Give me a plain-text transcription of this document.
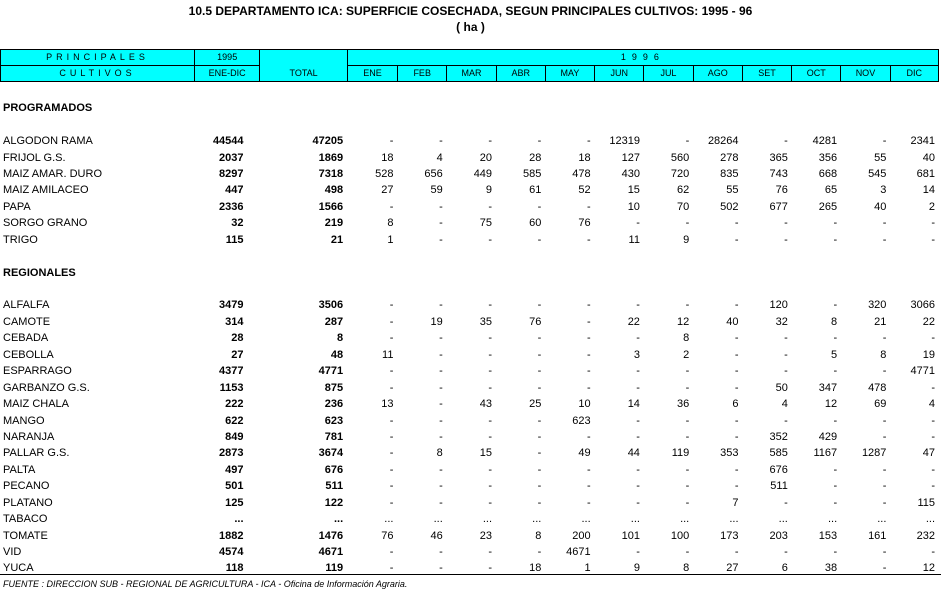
10.5 DEPARTAMENTO ICA: SUPERFICIE COSECHADA, SEGUN PRINCIPALES CULTIVOS: 1995 - 96
( ha )
PRINCIPALES	1995	TOTAL	1996											
CULTIVOS	ENE-DIC		ENE	FEB	MAR	ABR	MAY	JUN	JUL	AGO	SET	OCT	NOV	DIC
PROGRAMADOS														

ALGODON RAMA	44544	47205	-	-	-	-	-	12319	-	28264	-	4281	-	2341
FRIJOL G.S.	2037	1869	18	4	20	28	18	127	560	278	365	356	55	40
MAIZ AMAR. DURO	8297	7318	528	656	449	585	478	430	720	835	743	668	545	681
MAIZ AMILACEO	447	498	27	59	9	61	52	15	62	55	76	65	3	14
PAPA	2336	1566	-	-	-	-	-	10	70	502	677	265	40	2
SORGO GRANO	32	219	8	-	75	60	76	-	-	-	-	-	-	-
TRIGO	115	21	1	-	-	-	-	11	9	-	-	-	-	-

REGIONALES														

ALFALFA	3479	3506	-	-	-	-	-	-	-	-	120	-	320	3066
CAMOTE	314	287	-	19	35	76	-	22	12	40	32	8	21	22
CEBADA	28	8	-	-	-	-	-	-	8	-	-	-	-	-
CEBOLLA	27	48	11	-	-	-	-	3	2	-	-	5	8	19
ESPARRAGO	4377	4771	-	-	-	-	-	-	-	-	-	-	-	4771
GARBANZO G.S.	1153	875	-	-	-	-	-	-	-	-	50	347	478	-
MAIZ CHALA	222	236	13	-	43	25	10	14	36	6	4	12	69	4
MANGO	622	623	-	-	-	-	623	-	-	-	-	-	-	-
NARANJA	849	781	-	-	-	-	-	-	-	-	352	429	-	-
PALLAR G.S.	2873	3674	-	8	15	-	49	44	119	353	585	1167	1287	47
PALTA	497	676	-	-	-	-	-	-	-	-	676	-	-	-
PECANO	501	511	-	-	-	-	-	-	-	-	511	-	-	-
PLATANO	125	122	-	-	-	-	-	-	-	7	-	-	-	115
TABACO	...	...	...	...	...	...	...	...	...	...	...	...	...	...
TOMATE	1882	1476	76	46	23	8	200	101	100	173	203	153	161	232
VID	4574	4671	-	-	-	-	4671	-	-	-	-	-	-	-
YUCA	118	119	-	-	-	18	1	9	8	27	6	38	-	12
FUENTE : DIRECCION SUB - REGIONAL DE AGRICULTURA - ICA - Oficina de Información Agraria.
